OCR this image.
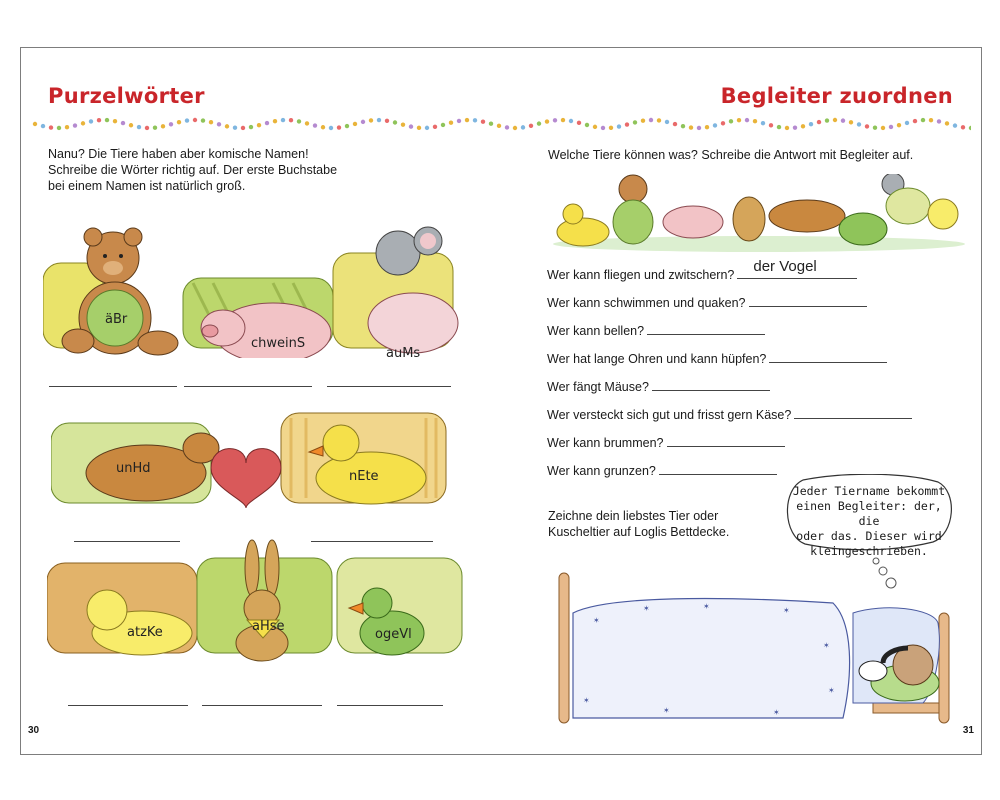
Purzelwörter	Begleiter zuordnen
Nanu? Die Tiere haben aber komische Namen!
Schreibe die Wörter richtig auf. Der erste Buchstabe
bei einem Namen ist natürlich groß.
äBr
chweinS
auMs
unHd
nEte
atzKe	aHse
ogeVl
30
Welche Tiere können was? Schreibe die Antwort mit Begleiter auf.
Wer kann fliegen und zwitschern? der Vogel
Wer kann schwimmen und quaken?
Wer kann bellen?
Wer hat lange Ohren und kann hüpfen?
Wer fängt Mäuse?
Wer versteckt sich gut und frisst gern Käse?
Wer kann brummen?
Wer kann grunzen?
Zeichne dein liebstes Tier oder
Kuscheltier auf Loglis Bettdecke.
Jeder Tiername bekommt
einen Begleiter: der, die
oder das. Dieser wird
kleingeschrieben.
✶
✶	✶	✶
✶
✶
✶
✶	✶
31
